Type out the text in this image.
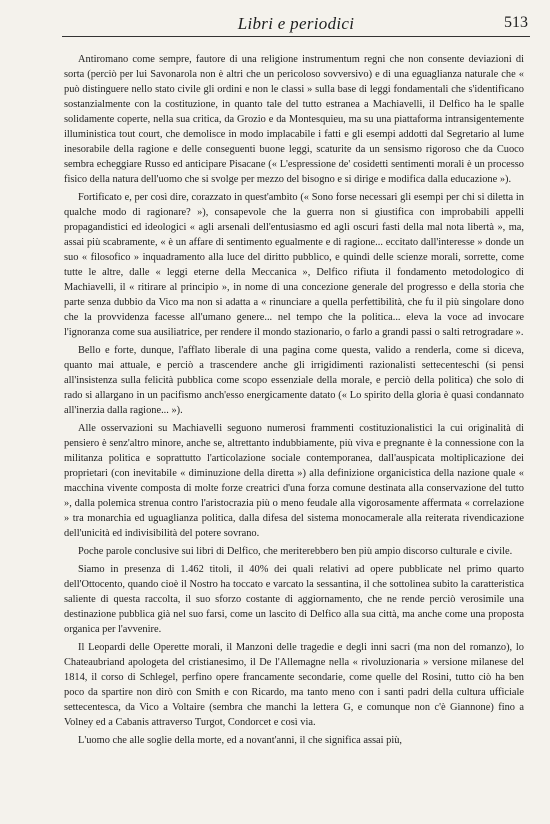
Libri e periodici	513

Antiromano come sempre, fautore di una religione instrumentum regni che non consente deviazioni di sorta (perciò per lui Savonarola non è altri che un pericoloso sovversivo) e di una eguaglianza naturale che « può distinguere nello stato civile gli ordini e non le classi » sulla base di leggi fondamentali che s'identificano sostanzialmente con la costituzione, in quanto tale del tutto estranea a Machiavelli, il Delfico ha le spalle solidamente coperte, nella sua critica, da Grozio e da Montesquieu, ma su una piattaforma intransigentemente illuministica tout court, che demolisce in modo implacabile i fatti e gli esempi addotti dal Segretario al lume inesorabile della ragione e delle conseguenti buone leggi, scaturite da un sensismo rigoroso che da Cuoco sembra echeggiare Russo ed anticipare Pisacane (« L'espressione de' cosidetti sentimenti morali è un processo fisico della natura dell'uomo che si svolge per mezzo del bisogno e si dirige e modifica dalla educazione »).

Fortificato e, per così dire, corazzato in quest'ambito (« Sono forse necessari gli esempi per chi si diletta in qualche modo di ragionare? »), consapevole che la guerra non si giustifica con improbabili appelli propagandistici ed ideologici « agli arsenali dell'entusiasmo ed agli oscuri fasti della mal nota libertà », ma, assai più scabramente, « è un affare di sentimento egualmente e di ragione... eccitato dall'interesse » donde un suo « filosofico » inquadramento alla luce del diritto pubblico, e quindi delle scienze morali, sorrette, come tutte le altre, dalle « leggi eterne della Meccanica », Delfico rifiuta il fondamento metodologico di Machiavelli, il « ritirare al principio », in nome di una concezione generale del progresso e della storia che parte senza dubbio da Vico ma non si adatta a « rinunciare a quella perfettibilità, che fu il più singolare dono che la provvidenza facesse all'umano genere... nel tempo che la politica... eleva la voce ad invocare l'ignoranza come sua ausiliatrice, per rendere il mondo stazionario, o farlo a grandi passi o salti retrogradare ».

Bello e forte, dunque, l'afflato liberale di una pagina come questa, valido a renderla, come si diceva, quanto mai attuale, e perciò a trascendere anche gli irrigidimenti razionalisti settecenteschi (si pensi all'insistenza sulla felicità pubblica come scopo essenziale della morale, e perciò della politica) che solo di rado si allargano in un pacifismo anch'esso energicamente datato (« Lo spirito della gloria è quasi condannato all'inerzia dalla ragione... »).

Alle osservazioni su Machiavelli seguono numerosi frammenti costituzionalistici la cui originalità di pensiero è senz'altro minore, anche se, altrettanto indubbiamente, più viva e pregnante è la connessione con la militanza politica e soprattutto l'articolazione sociale contemporanea, dall'auspicata moltiplicazione dei proprietari (con inevitabile « diminuzione della diretta ») alla definizione organicistica della nazione quale « macchina vivente composta di molte forze creatrici d'una forza comune destinata alla conservazione del tutto », dalla polemica strenua contro l'aristocrazia più o meno feudale alla vigorosamente affermata « correlazione » tra monarchia ed uguaglianza politica, dalla difesa del sistema monocamerale alla reiterata rivendicazione dell'unicità ed indivisibilità del potere sovrano.

Poche parole conclusive sui libri di Delfico, che meriterebbero ben più ampio discorso culturale e civile.

Siamo in presenza di 1.462 titoli, il 40% dei quali relativi ad opere pubblicate nel primo quarto dell'Ottocento, quando cioè il Nostro ha toccato e varcato la sessantina, il che sottolinea subito la caratteristica saliente di questa raccolta, il suo sforzo costante di aggiornamento, che ne rende perciò verosimile una destinazione pubblica già nel suo farsi, come un lascito di Delfico alla sua città, ma anche come una proposta organica per l'avvenire.

Il Leopardi delle Operette morali, il Manzoni delle tragedie e degli inni sacri (ma non del romanzo), lo Chateaubriand apologeta del cristianesimo, il De l'Allemagne nella « rivoluzionaria » versione milanese del 1814, il corso di Schlegel, perfino opere francamente secondarie, come quelle del Rosini, tutto ciò ha ben poco da spartire non dirò con Smith e con Ricardo, ma tanto meno con i santi padri della cultura ufficiale settecentesca, da Vico a Voltaire (sembra che manchi la lettera G, e comunque non c'è Giannone) fino a Volney ed a Cabanis attraverso Turgot, Condorcet e così via.

L'uomo che alle soglie della morte, ed a novant'anni, il che significa assai più,
